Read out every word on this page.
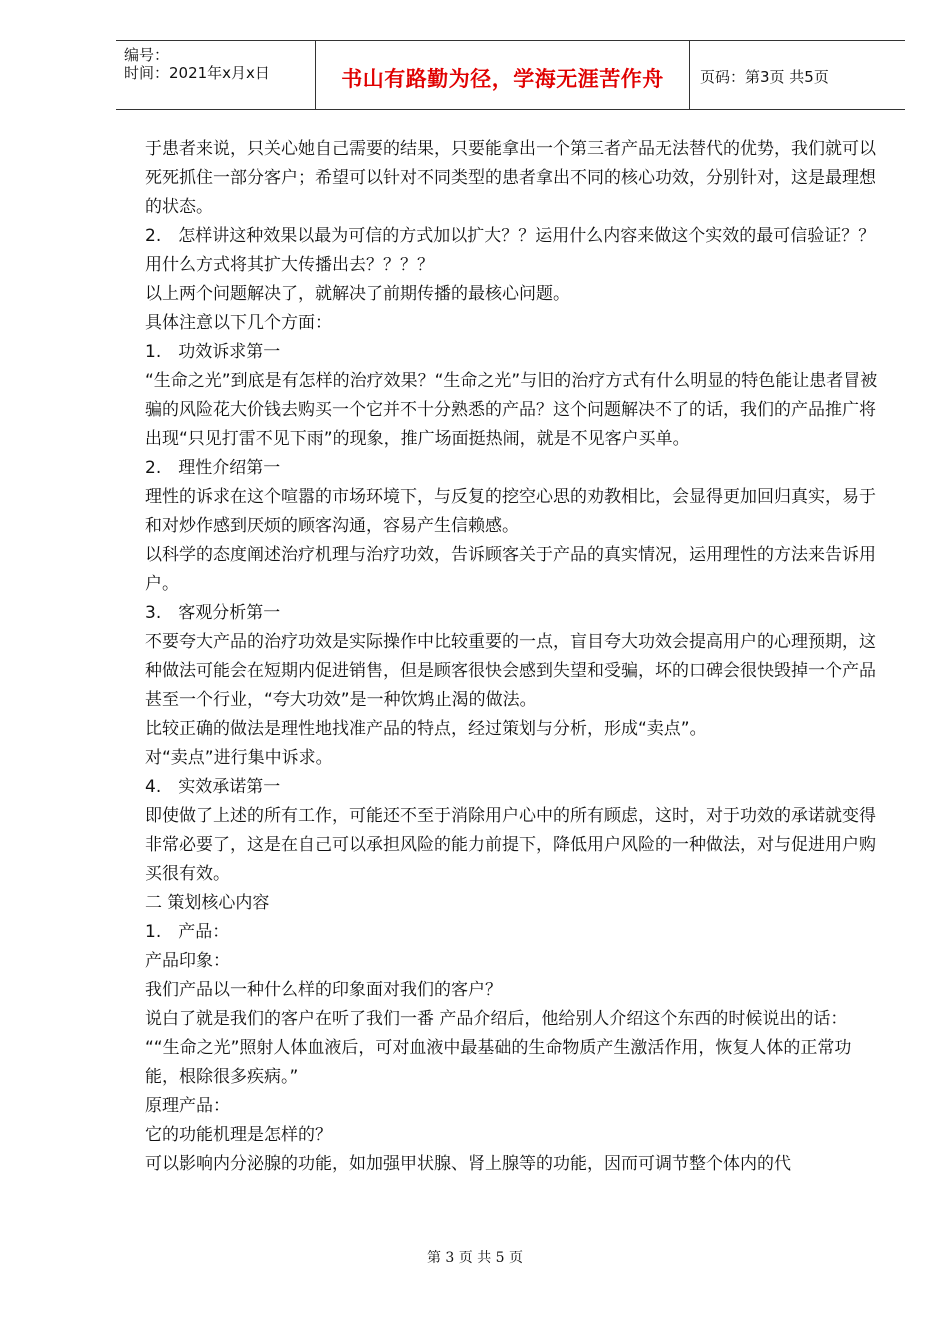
编号：
时间：2021年x月x日	书山有路勤为径，学海无涯苦作舟	页码：第3页 共5页

于患者来说，只关心她自己需要的结果，只要能拿出一个第三者产品无法替代的优势，我们就可以死死抓住一部分客户；希望可以针对不同类型的患者拿出不同的核心功效，分别针对，这是最理想的状态。

2.　怎样讲这种效果以最为可信的方式加以扩大？？运用什么内容来做这个实效的最可信验证？？用什么方式将其扩大传播出去？？？？

以上两个问题解决了，就解决了前期传播的最核心问题。

具体注意以下几个方面：

1.　功效诉求第一

“生命之光”到底是有怎样的治疗效果？“生命之光”与旧的治疗方式有什么明显的特色能让患者冒被骗的风险花大价钱去购买一个它并不十分熟悉的产品？这个问题解决不了的话，我们的产品推广将出现“只见打雷不见下雨”的现象，推广场面挺热闹，就是不见客户买单。

2.　理性介绍第一

理性的诉求在这个喧嚣的市场环境下，与反复的挖空心思的劝教相比，会显得更加回归真实，易于和对炒作感到厌烦的顾客沟通，容易产生信赖感。

以科学的态度阐述治疗机理与治疗功效，告诉顾客关于产品的真实情况，运用理性的方法来告诉用户。

3.　客观分析第一

不要夸大产品的治疗功效是实际操作中比较重要的一点，盲目夸大功效会提高用户的心理预期，这种做法可能会在短期内促进销售，但是顾客很快会感到失望和受骗，坏的口碑会很快毁掉一个产品甚至一个行业，“夸大功效”是一种饮鸩止渴的做法。

比较正确的做法是理性地找准产品的特点，经过策划与分析，形成“卖点”。

对“卖点”进行集中诉求。

4.　实效承诺第一

即使做了上述的所有工作，可能还不至于消除用户心中的所有顾虑，这时，对于功效的承诺就变得非常必要了，这是在自己可以承担风险的能力前提下，降低用户风险的一种做法，对与促进用户购买很有效。

二 策划核心内容

1.　产品：

产品印象：

我们产品以一种什么样的印象面对我们的客户？

说白了就是我们的客户在听了我们一番 产品介绍后，他给别人介绍这个东西的时候说出的话：

““生命之光”照射人体血液后，可对血液中最基础的生命物质产生激活作用，恢复人体的正常功能，根除很多疾病。”

原理产品：

它的功能机理是怎样的？

可以影响内分泌腺的功能，如加强甲状腺、肾上腺等的功能，因而可调节整个体内的代

第 3 页 共 5 页
